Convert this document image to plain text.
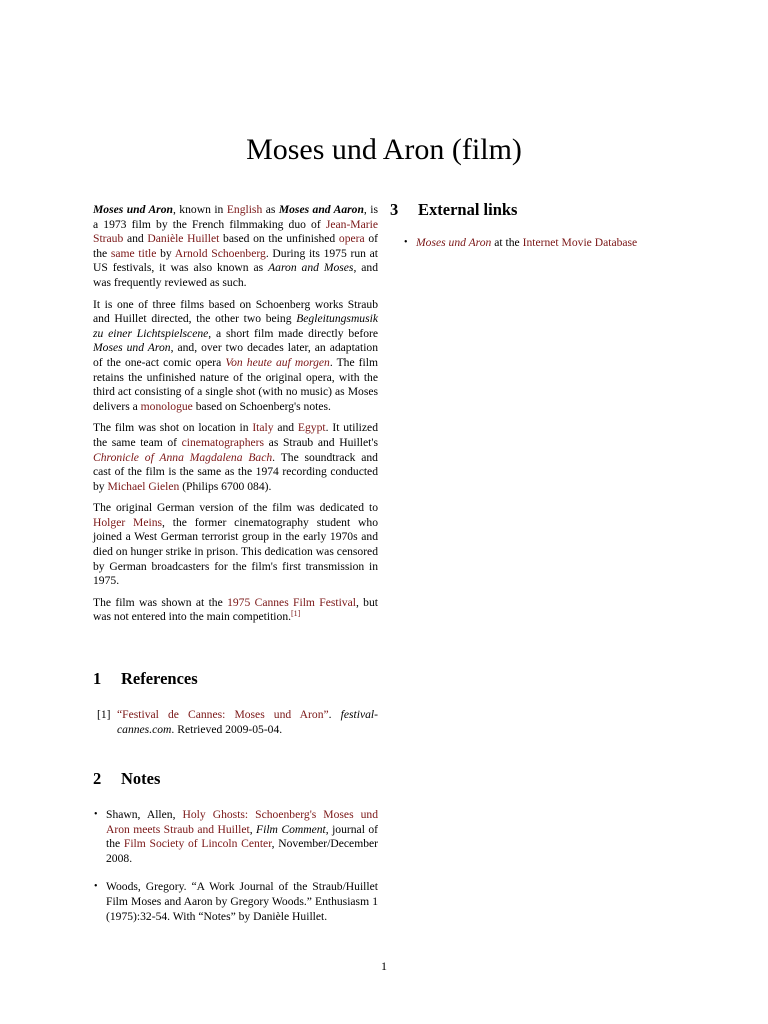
Moses und Aron (film)

Moses und Aron, known in English as Moses and Aaron, is a 1973 film by the French filmmaking duo of Jean-Marie Straub and Danièle Huillet based on the unfinished opera of the same title by Arnold Schoenberg. During its 1975 run at US festivals, it was also known as Aaron and Moses, and was frequently reviewed as such.

It is one of three films based on Schoenberg works Straub and Huillet directed, the other two being Begleitungsmusik zu einer Lichtspielscene, a short film made directly before Moses und Aron, and, over two decades later, an adaptation of the one-act comic opera Von heute auf morgen. The film retains the unfinished nature of the original opera, with the third act consisting of a single shot (with no music) as Moses delivers a monologue based on Schoenberg's notes.

The film was shot on location in Italy and Egypt. It utilized the same team of cinematographers as Straub and Huillet's Chronicle of Anna Magdalena Bach. The soundtrack and cast of the film is the same as the 1974 recording conducted by Michael Gielen (Philips 6700 084).

The original German version of the film was dedicated to Holger Meins, the former cinematography student who joined a West German terrorist group in the early 1970s and died on hunger strike in prison. This dedication was censored by German broadcasters for the film's first transmission in 1975.

The film was shown at the 1975 Cannes Film Festival, but was not entered into the main competition.[1]

1 References
[1] “Festival de Cannes: Moses und Aron”. festival-cannes.com. Retrieved 2009-05-04.
2 Notes
• Shawn, Allen, Holy Ghosts: Schoenberg's Moses und Aron meets Straub and Huillet, Film Comment, journal of the Film Society of Lincoln Center, November/December 2008.
• Woods, Gregory. “A Work Journal of the Straub/Huillet Film Moses and Aaron by Gregory Woods.” Enthusiasm 1 (1975):32-54. With “Notes” by Danièle Huillet.
3 External links
• Moses und Aron at the Internet Movie Database
1
